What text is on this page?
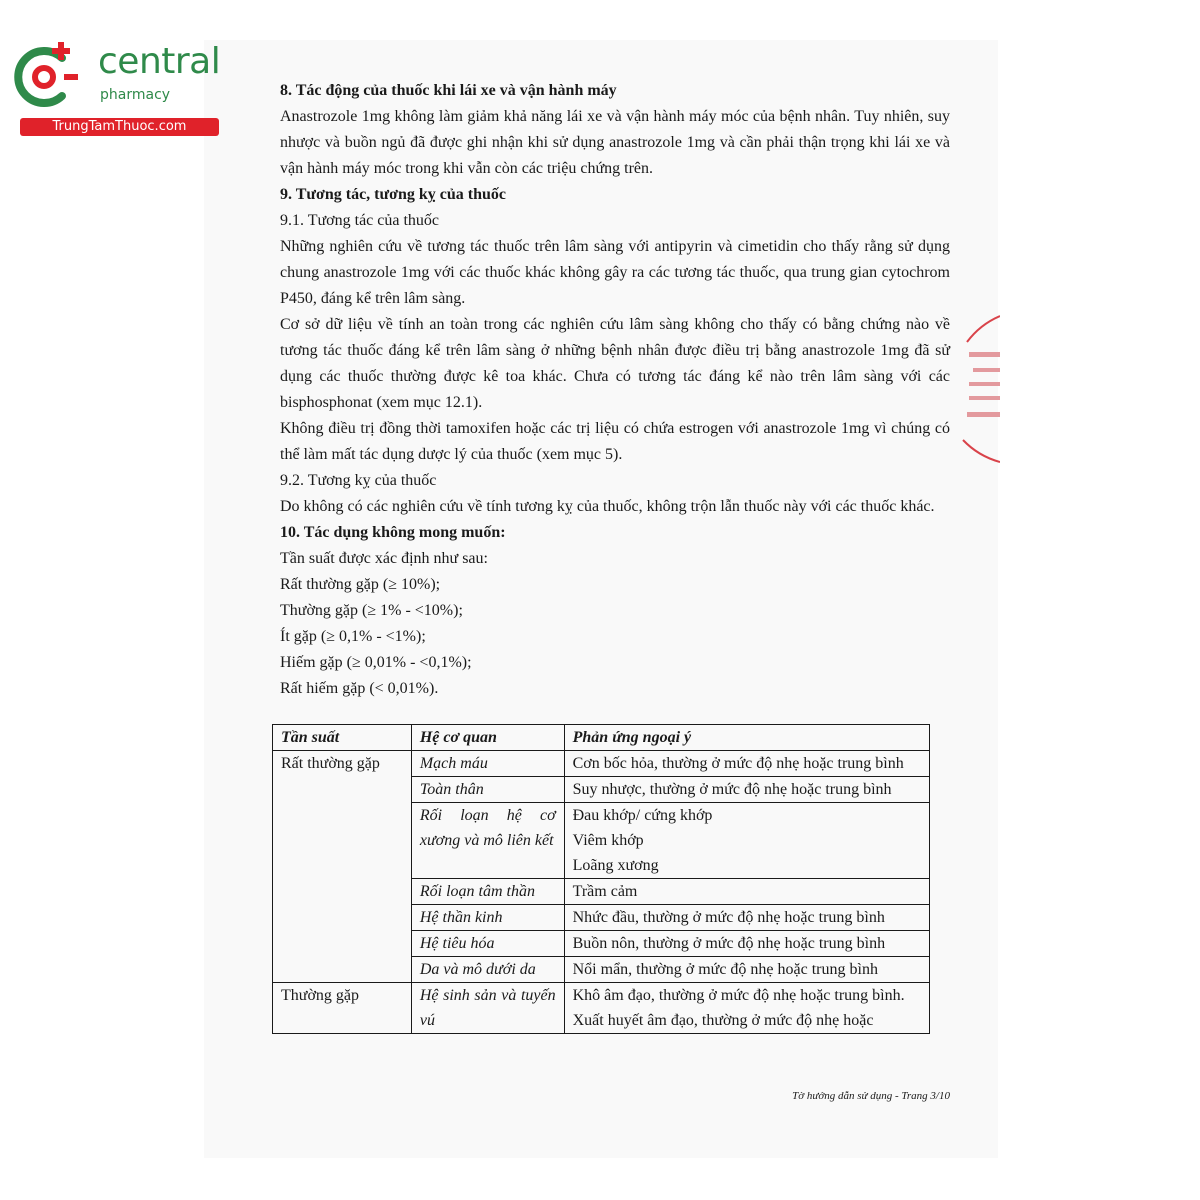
central
pharmacy
TrungTamThuoc.com

8. Tác động của thuốc khi lái xe và vận hành máy

Anastrozole 1mg không làm giảm khả năng lái xe và vận hành máy móc của bệnh nhân. Tuy nhiên, suy nhược và buồn ngủ đã được ghi nhận khi sử dụng anastrozole 1mg và cần phải thận trọng khi lái xe và vận hành máy móc trong khi vẫn còn các triệu chứng trên.

9. Tương tác, tương kỵ của thuốc

9.1. Tương tác của thuốc

Những nghiên cứu về tương tác thuốc trên lâm sàng với antipyrin và cimetidin cho thấy rằng sử dụng chung anastrozole 1mg với các thuốc khác không gây ra các tương tác thuốc, qua trung gian cytochrom P450, đáng kể trên lâm sàng.

Cơ sở dữ liệu về tính an toàn trong các nghiên cứu lâm sàng không cho thấy có bằng chứng nào về tương tác thuốc đáng kể trên lâm sàng ở những bệnh nhân được điều trị bằng anastrozole 1mg đã sử dụng các thuốc thường được kê toa khác. Chưa có tương tác đáng kể nào trên lâm sàng với các bisphosphonat (xem mục 12.1).

Không điều trị đồng thời tamoxifen hoặc các trị liệu có chứa estrogen với anastrozole 1mg vì chúng có thể làm mất tác dụng dược lý của thuốc (xem mục 5).

9.2. Tương kỵ của thuốc

Do không có các nghiên cứu về tính tương kỵ của thuốc, không trộn lẫn thuốc này với các thuốc khác.

10. Tác dụng không mong muốn:

Tần suất được xác định như sau:

Rất thường gặp (≥ 10%);

Thường gặp (≥ 1% - <10%);

Ít gặp (≥ 0,1% - <1%);

Hiếm gặp (≥ 0,01% - <0,1%);

Rất hiếm gặp (< 0,01%).

Tần suất	Hệ cơ quan	Phản ứng ngoại ý
Rất thường gặp	Mạch máu	Cơn bốc hỏa, thường ở mức độ nhẹ hoặc trung bình
	Toàn thân	Suy nhược, thường ở mức độ nhẹ hoặc trung bình
	Rối loạn hệ cơ xương và mô liên kết	Đau khớp/ cứng khớp
Viêm khớp
Loãng xương

	Rối loạn tâm thần	Trầm cảm
	Hệ thần kinh	Nhức đầu, thường ở mức độ nhẹ hoặc trung bình
	Hệ tiêu hóa	Buồn nôn, thường ở mức độ nhẹ hoặc trung bình
	Da và mô dưới da	Nổi mẩn, thường ở mức độ nhẹ hoặc trung bình
Thường gặp	Hệ sinh sản và tuyến vú	Khô âm đạo, thường ở mức độ nhẹ hoặc trung bình.
Xuất huyết âm đạo, thường ở mức độ nhẹ hoặc
Tờ hướng dẫn sử dụng - Trang 3/10
